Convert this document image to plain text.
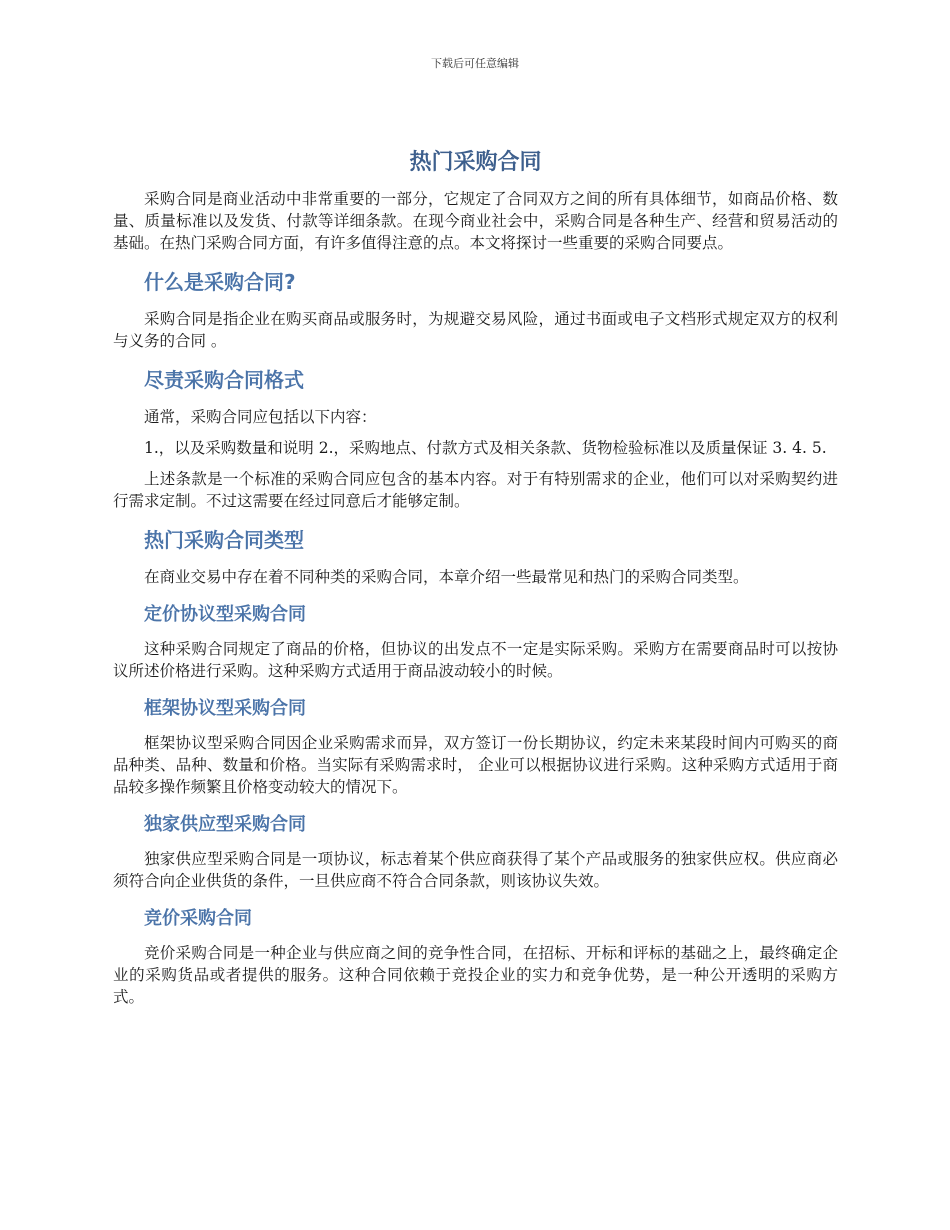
下载后可任意编辑
热门采购合同

采购合同是商业活动中非常重要的一部分，它规定了合同双方之间的所有具体细节，如商品价格、数量、质量标准以及发货、付款等详细条款。在现今商业社会中，采购合同是各种生产、经营和贸易活动的基础。在热门采购合同方面，有许多值得注意的点。本文将探讨一些重要的采购合同要点。

什么是采购合同?

采购合同是指企业在购买商品或服务时，为规避交易风险，通过书面或电子文档形式规定双方的权利与义务的合同 。

尽责采购合同格式

通常，采购合同应包括以下内容：

1.，以及采购数量和说明 2.，采购地点、付款方式及相关条款、货物检验标准以及质量保证 3. 4. 5.

上述条款是一个标准的采购合同应包含的基本内容。对于有特别需求的企业，他们可以对采购契约进行需求定制。不过这需要在经过同意后才能够定制。

热门采购合同类型

在商业交易中存在着不同种类的采购合同，本章介绍一些最常见和热门的采购合同类型。

定价协议型采购合同

这种采购合同规定了商品的价格，但协议的出发点不一定是实际采购。采购方在需要商品时可以按协议所述价格进行采购。这种采购方式适用于商品波动较小的时候。

框架协议型采购合同

框架协议型采购合同因企业采购需求而异，双方签订一份长期协议，约定未来某段时间内可购买的商品种类、品种、数量和价格。当实际有采购需求时， 企业可以根据协议进行采购。这种采购方式适用于商品较多操作频繁且价格变动较大的情况下。

独家供应型采购合同

独家供应型采购合同是一项协议，标志着某个供应商获得了某个产品或服务的独家供应权。供应商必须符合向企业供货的条件，一旦供应商不符合合同条款，则该协议失效。

竞价采购合同

竞价采购合同是一种企业与供应商之间的竞争性合同，在招标、开标和评标的基础之上，最终确定企业的采购货品或者提供的服务。这种合同依赖于竞投企业的实力和竞争优势，是一种公开透明的采购方式。
